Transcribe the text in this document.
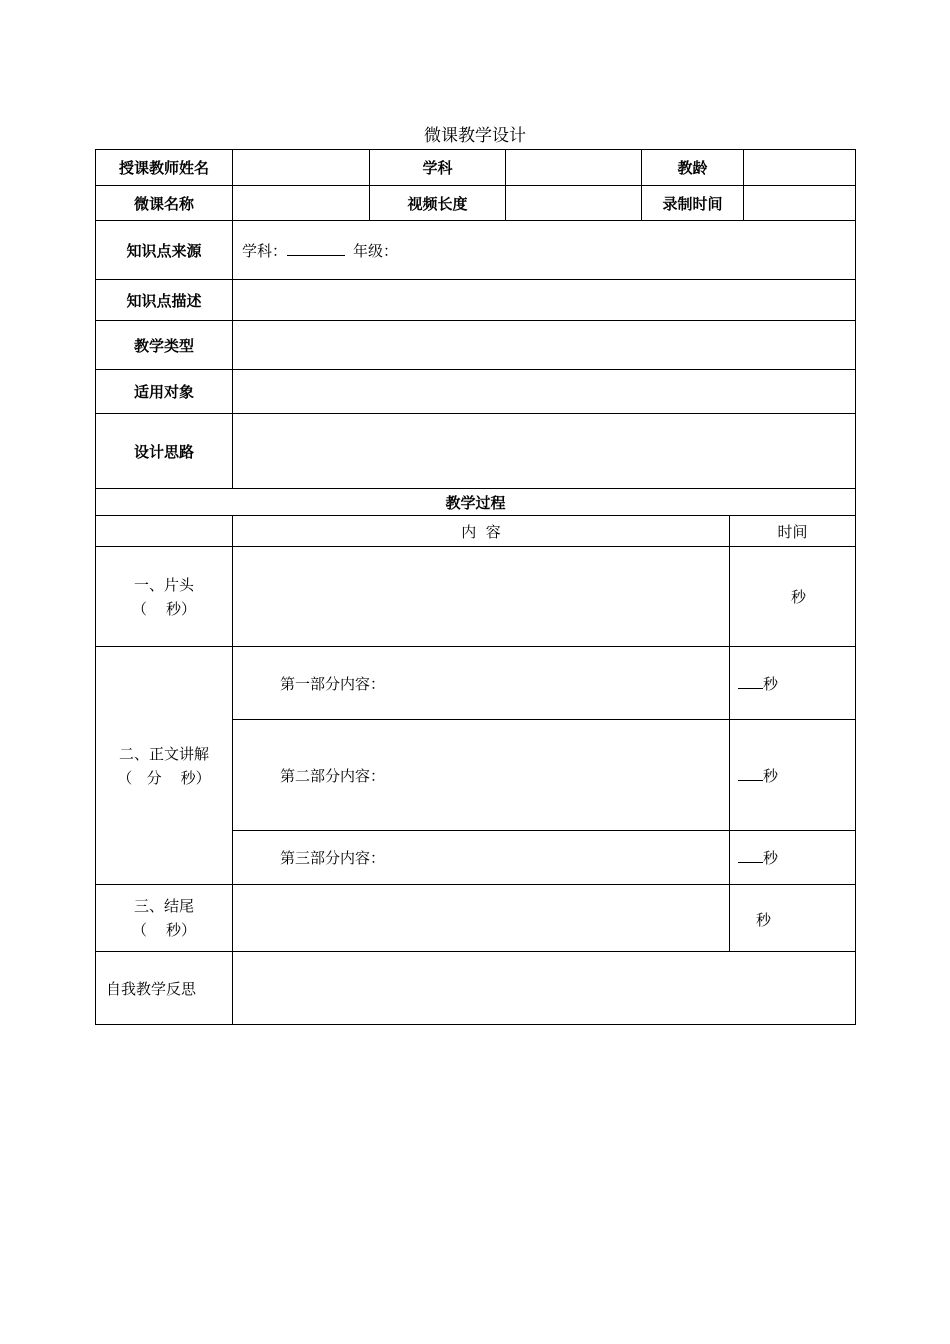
微课教学设计
授课教师姓名		学科		教龄		
微课名称		视频长度		录制时间		
知识点来源	学科： 年级：					
知识点描述						
教学类型						
适用对象						
设计思路						
教学过程						
	内  容				时间	

一、片头
（    秒）					秒	

二、正文讲解
（   分    秒）	第一部分内容：				秒	
	第二部分内容：				秒	
	第三部分内容：				秒	

三、结尾
（    秒）					秒	
自我教学反思						
